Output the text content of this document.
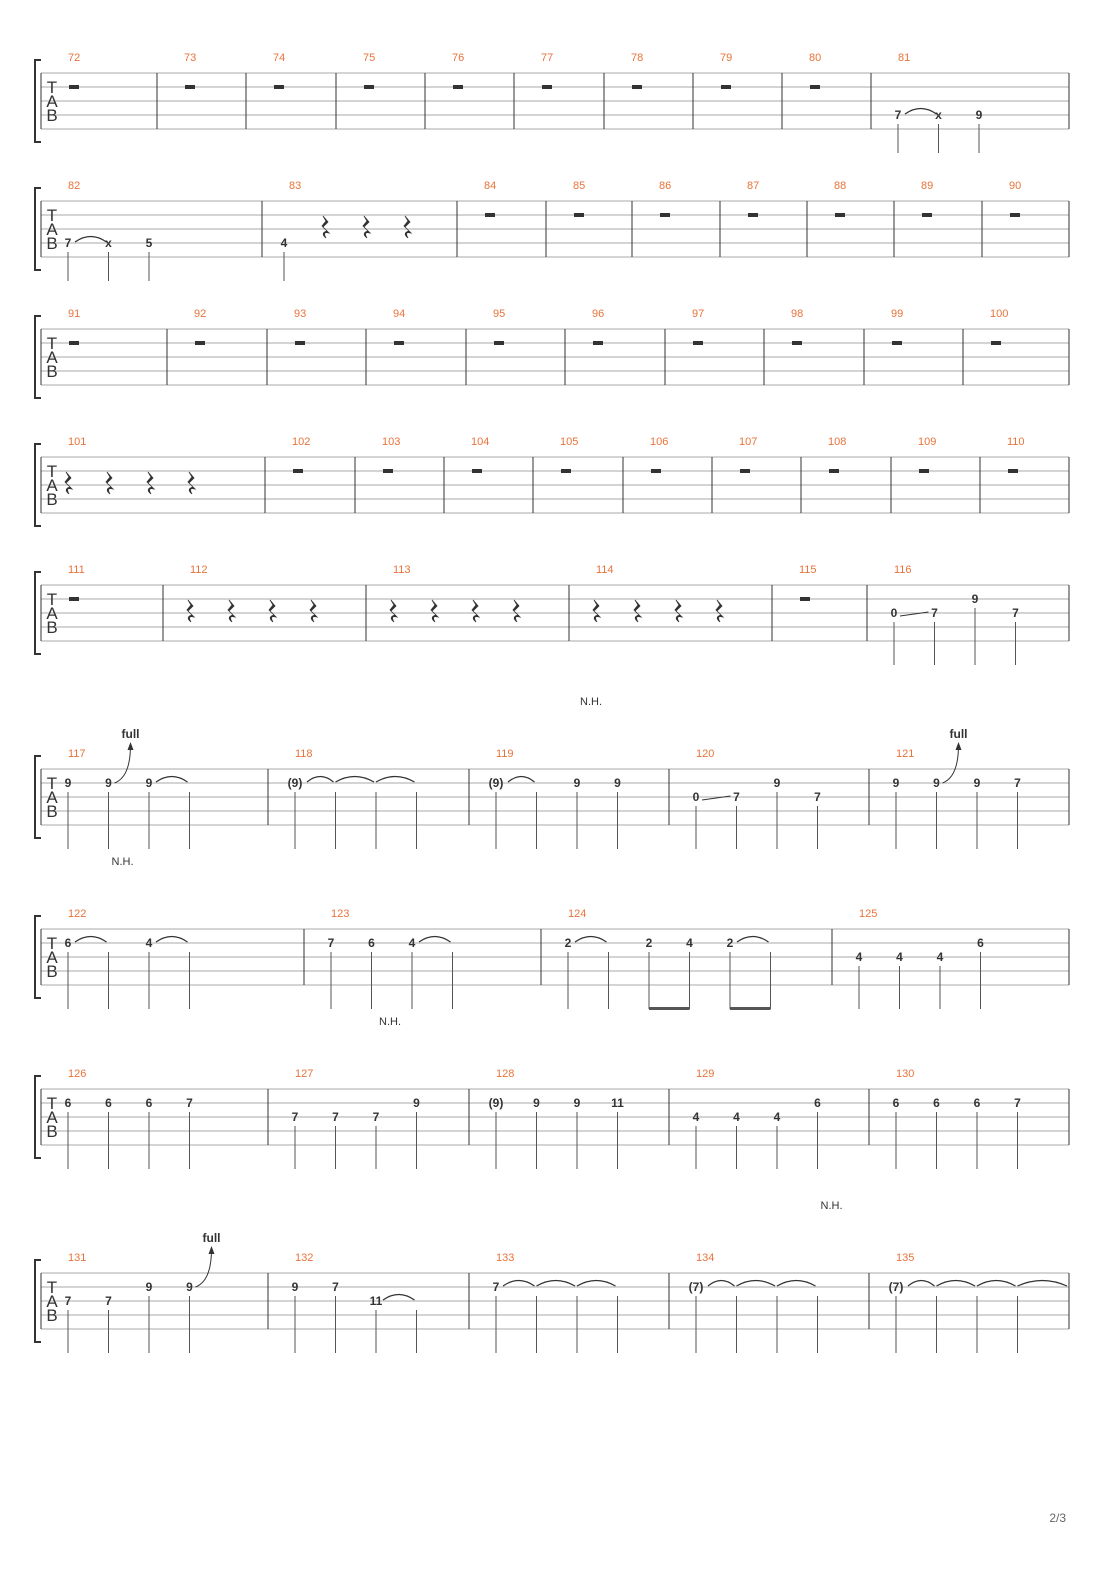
T
A
B
72	73	74	75	76	77	78	79	80	81
7	x	9
T
A
B
82
7	x	5
83
4
84	85	86	87	88	89	90
T
A
B
91	92	93	94	95	96	97	98	99	100
T
A
B
101	102	103	104	105	106	107	108	109	110
T
A
B
111	112	113	114	115	116
0	7
9
7
T
A
B
117
9	9
full
9
118
(9)
119
(9)	9	9
120
0	7
9
7
121
9	9
full
9	7
N.H.
T
A
B
122
6	4
123
7	6	4
124
2	2	4	2
125
4	4	4
6
N.H.
T
A
B
126
6	6	6	7
127
7	7	7
9
128
(9) 9	9	11
129
4	4	4
6
130
6	6	6	7
N.H.
T
A
B
131
7	7
9	9
full
132
9	7
11
133
7
134
(7)
135
(7)
N.H.
2/3
